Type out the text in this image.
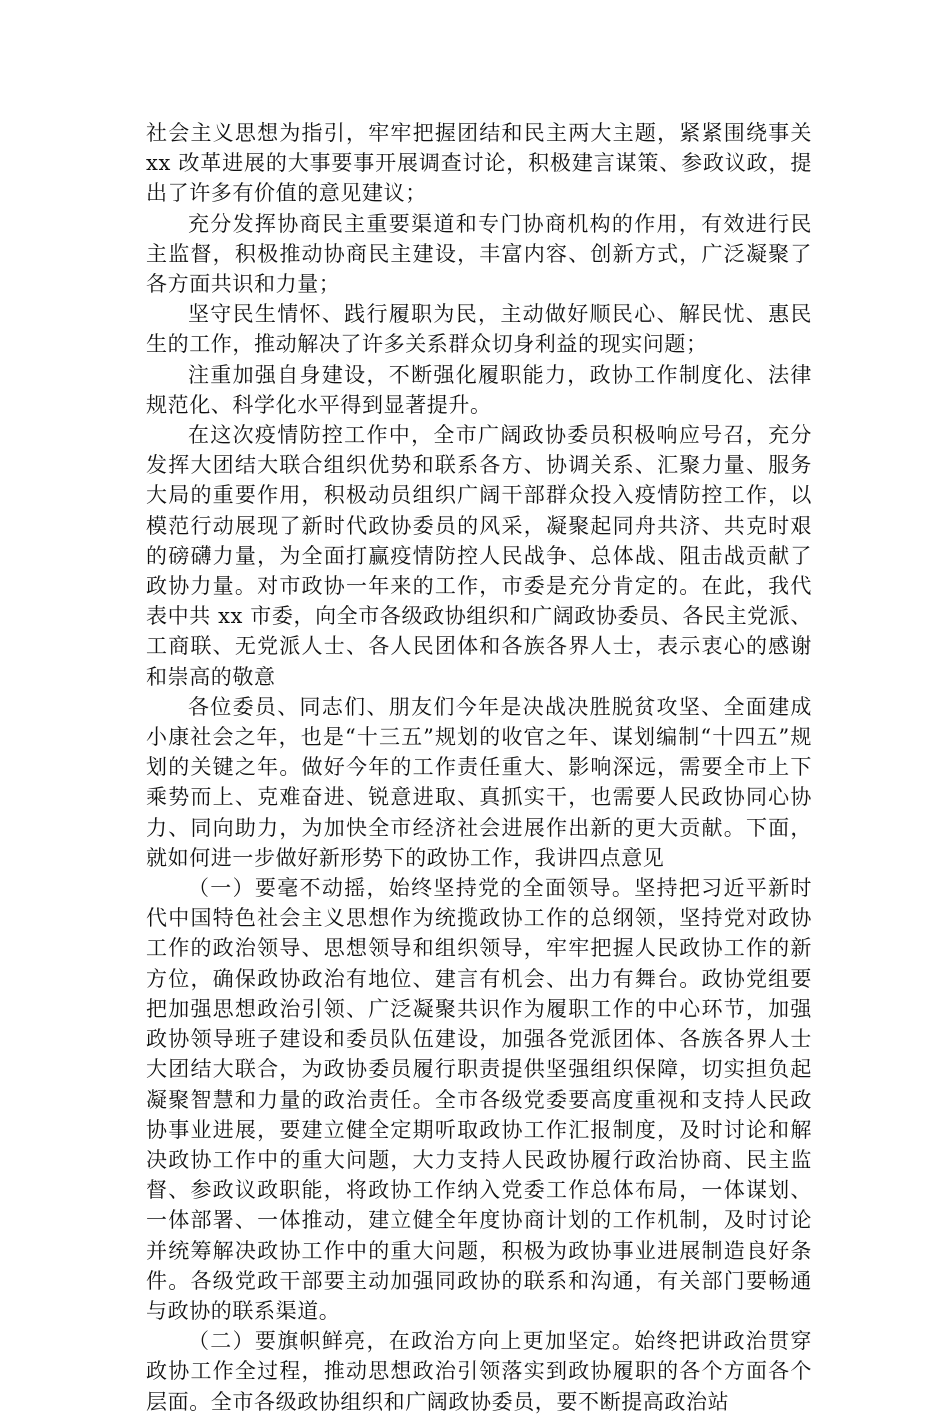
社会主义思想为指引，牢牢把握团结和民主两大主题，紧紧围绕事关 xx 改革进展的大事要事开展调查讨论，积极建言谋策、参政议政，提出了许多有价值的意见建议；

充分发挥协商民主重要渠道和专门协商机构的作用，有效进行民主监督，积极推动协商民主建设，丰富内容、创新方式，广泛凝聚了各方面共识和力量；

坚守民生情怀、践行履职为民，主动做好顺民心、解民忧、惠民生的工作，推动解决了许多关系群众切身利益的现实问题；

注重加强自身建设，不断强化履职能力，政协工作制度化、法律规范化、科学化水平得到显著提升。

在这次疫情防控工作中，全市广阔政协委员积极响应号召，充分发挥大团结大联合组织优势和联系各方、协调关系、汇聚力量、服务大局的重要作用，积极动员组织广阔干部群众投入疫情防控工作，以模范行动展现了新时代政协委员的风采，凝聚起同舟共济、共克时艰的磅礴力量，为全面打赢疫情防控人民战争、总体战、阻击战贡献了政协力量。对市政协一年来的工作，市委是充分肯定的。在此，我代表中共 xx 市委，向全市各级政协组织和广阔政协委员、各民主党派、工商联、无党派人士、各人民团体和各族各界人士，表示衷心的感谢和崇高的敬意

各位委员、同志们、朋友们今年是决战决胜脱贫攻坚、全面建成小康社会之年，也是“十三五”规划的收官之年、谋划编制“十四五”规划的关键之年。做好今年的工作责任重大、影响深远，需要全市上下乘势而上、克难奋进、锐意进取、真抓实干，也需要人民政协同心协力、同向助力，为加快全市经济社会进展作出新的更大贡献。下面，就如何进一步做好新形势下的政协工作，我讲四点意见

（一）要毫不动摇，始终坚持党的全面领导。坚持把习近平新时代中国特色社会主义思想作为统揽政协工作的总纲领，坚持党对政协工作的政治领导、思想领导和组织领导，牢牢把握人民政协工作的新方位，确保政协政治有地位、建言有机会、出力有舞台。政协党组要把加强思想政治引领、广泛凝聚共识作为履职工作的中心环节，加强政协领导班子建设和委员队伍建设，加强各党派团体、各族各界人士大团结大联合，为政协委员履行职责提供坚强组织保障，切实担负起凝聚智慧和力量的政治责任。全市各级党委要高度重视和支持人民政协事业进展，要建立健全定期听取政协工作汇报制度，及时讨论和解决政协工作中的重大问题，大力支持人民政协履行政治协商、民主监督、参政议政职能，将政协工作纳入党委工作总体布局，一体谋划、一体部署、一体推动，建立健全年度协商计划的工作机制，及时讨论并统筹解决政协工作中的重大问题，积极为政协事业进展制造良好条件。各级党政干部要主动加强同政协的联系和沟通，有关部门要畅通与政协的联系渠道。

（二）要旗帜鲜亮，在政治方向上更加坚定。始终把讲政治贯穿政协工作全过程，推动思想政治引领落实到政协履职的各个方面各个层面。全市各级政协组织和广阔政协委员，要不断提高政治站
